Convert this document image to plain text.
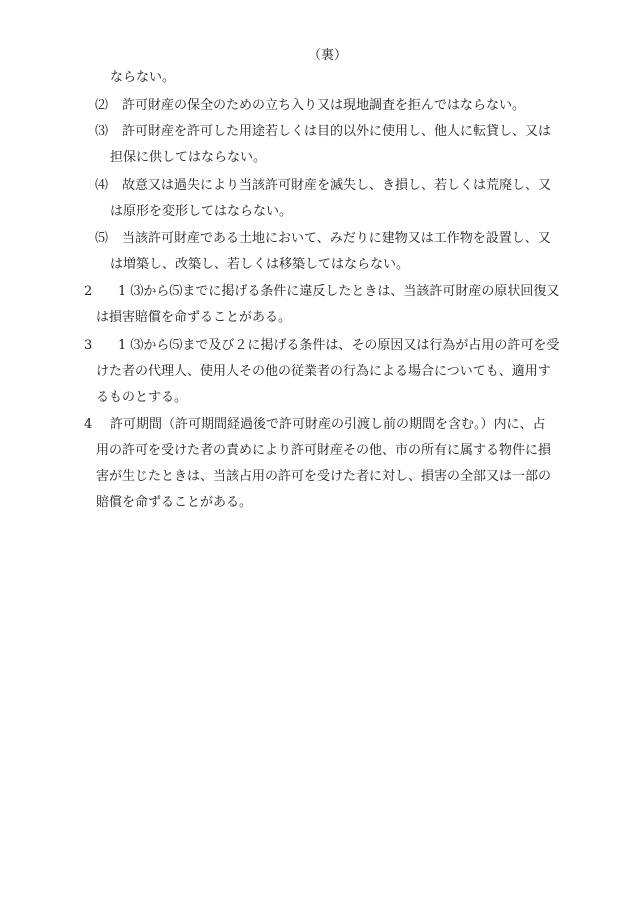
（裏）
ならない。
⑵ 許可財産の保全のための立ち入り又は現地調査を拒んではならない。
⑶ 許可財産を許可した用途若しくは目的以外に使用し、他人に転貸し、又は
担保に供してはならない。
⑷ 故意又は過失により当該許可財産を滅失し、き損し、若しくは荒廃し、又
は原形を変形してはならない。
⑸ 当該許可財産である土地において、みだりに建物又は工作物を設置し、又
は増築し、改築し、若しくは移築してはならない。
2 1 ⑶から⑸までに掲げる条件に違反したときは、当該許可財産の原状回復又
は損害賠償を命ずることがある。
3 1 ⑶から⑸まで及び２に掲げる条件は、その原因又は行為が占用の許可を受
けた者の代理人、使用人その他の従業者の行為による場合についても、適用す
るものとする。
4 許可期間（許可期間経過後で許可財産の引渡し前の期間を含む。）内に、占
用の許可を受けた者の責めにより許可財産その他、市の所有に属する物件に損
害が生じたときは、当該占用の許可を受けた者に対し、損害の全部又は一部の
賠償を命ずることがある。
